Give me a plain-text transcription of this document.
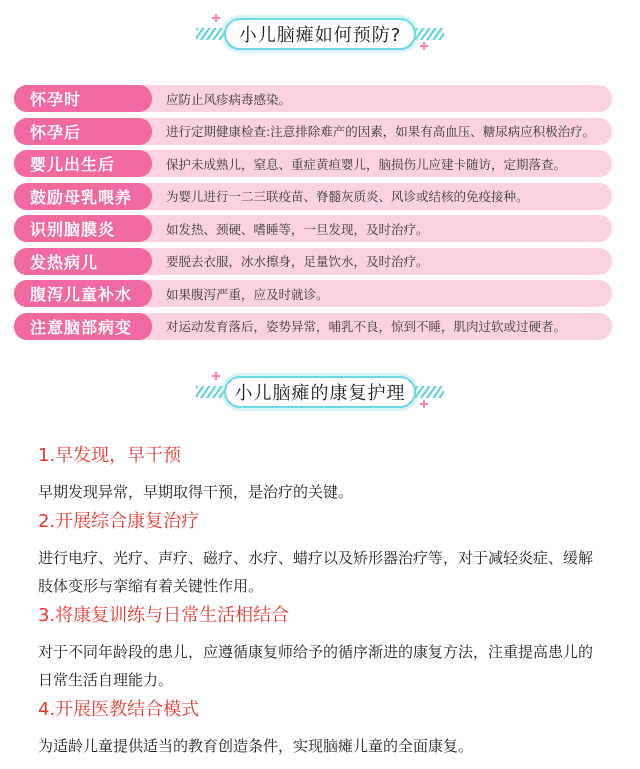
小儿脑瘫如何预防?
怀孕时	应防止风疹病毒感染。
怀孕后	进行定期健康检查:注意排除难产的因素，如果有高血压、糖尿病应积极治疗。
婴儿出生后	保护未成熟儿，窒息、重症黄疸婴儿，脑损伤儿应建卡随访，定期落查。
鼓励母乳喂养	为婴儿进行一二三联疫苗、脊髓灰质炎、风诊或结核的免疫接种。
识别脑膜炎	如发热、颈硬、嗜睡等，一旦发现，及时治疗。
发热病儿	要脱去衣服，冰水擦身，足量饮水，及时治疗。
腹泻儿童补水	如果腹泻严重，应及时就诊。
注意脑部病变	对运动发育落后，姿势异常，哺乳不良，惊到不睡，肌肉过软或过硬者。
小儿脑瘫的康复护理
1.早发现，早干预
早期发现异常，早期取得干预，是治疗的关键。
2.开展综合康复治疗
进行电疗、光疗、声疗、磁疗、水疗、蜡疗以及矫形器治疗等，对于减轻炎症、缓解肢体变形与挛缩有着关键性作用。
3.将康复训练与日常生活相结合
对于不同年龄段的患儿，应遵循康复师给予的循序渐进的康复方法，注重提高患儿的日常生活自理能力。
4.开展医教结合模式
为适龄儿童提供适当的教育创造条件，实现脑瘫儿童的全面康复。
